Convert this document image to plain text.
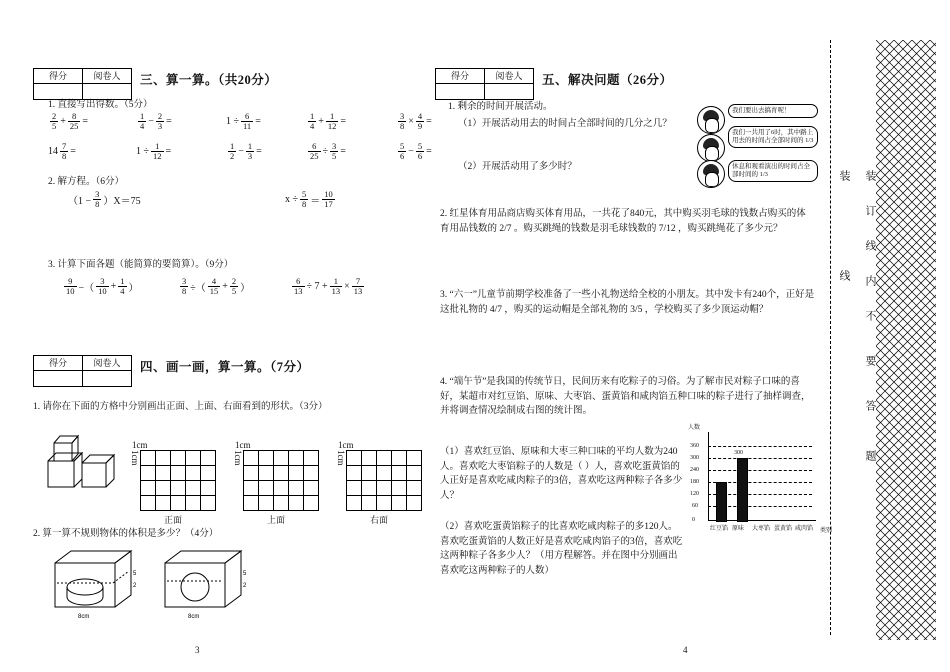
得分	阅卷人
	三、算一算。（共20分）
1. 直接写出得数。（5分）
$\frac{2}{5} + \frac{8}{25}$ =	$\frac{1}{4} - \frac{2}{3}$ =	$1 \div \frac{6}{11}$ =	$\frac{1}{4} + \frac{1}{12}$ =	$\frac{3}{8} \times \frac{4}{9}$ =
$14 \frac{7}{8}$ =	$1 \div \frac{1}{12}$ =	$\frac{1}{2} - \frac{1}{3}$ =	$\frac{6}{25} \div \frac{3}{5}$ =	$\frac{5}{6} - \frac{5}{6}$ =
2. 解方程。（6分）
$(1 - \frac{3}{8} )X=75$	$x \div \frac{5}{8} = \frac{10}{17}$
3. 计算下面各题（能简算的要简算）。（9分）
$\frac{9}{10}$ −（ $\frac{3}{10} + \frac{1}{4}$ ）	$\frac{3}{8}$ ÷（ $\frac{4}{15} + \frac{2}{5}$ ）	$\frac{6}{13} \div 7 + \frac{1}{13} \times \frac{7}{13}$
得分	阅卷人
	四、画一画，算一算。（7分）
1. 请你在下面的方格中分别画出正面、上面、右面看到的形状。（3分）
1cm
1cm

正面
1cm
1cm

上面
1cm
1cm

右面
2. 算一算不规则物体的体积是多少？（4分）
8cm	8cm
5
2
5
2
3
装
线
装
订
线
内
不
要
答
题
得分	阅卷人
	五、解决问题（26分）
1. 剩余的时间开展活动。
（1）开展活动用去的时间占全部时间的几分之几？
（2）开展活动用了多少时？
我们要出去搞育呢！
我们一共用了6时，其中路上用去的时间占全部时间的 1/3
休息和观看演出的时间占全部时间的 1/3
2. 红星体育用品商店购买体育用品，一共花了840元，其中购买羽毛球的钱数占购买的体育用品钱数的 2/7 。购买跳绳的钱数是羽毛球钱数的 7/12 ，购买跳绳花了多少元？
3. “六一”儿童节前期学校准备了一些小礼物送给全校的小朋友。其中发卡有240个，正好是这批礼物的 4/7 ，购买的运动帽是全部礼物的 3/5 ，学校购买了多少顶运动帽？
4. “端午节”是我国的传统节日，民间历来有吃粽子的习俗。为了解市民对粽子口味的喜好，某超市对红豆馅、原味、大枣馅、蛋黄馅和咸肉馅五种口味的粽子进行了抽样调查，并将调查情况绘制成右图的统计图。
（1）喜欢红豆馅、原味和大枣三种口味的平均人数为240人。喜欢吃大枣馅粽子的人数是（ ）人，喜欢吃蛋黄馅的人正好是喜欢吃咸肉粽子的3倍，喜欢吃这两种粽子各多少人？
（2）喜欢吃蛋黄馅粽子的比喜欢吃咸肉粽子的多120人。喜欢吃蛋黄馅的人数正好是喜欢吃咸肉馅子的3倍，喜欢吃这两种粽子各多少人？（用方程解答。并在图中分别画出喜欢吃这两种粽子的人数）
人数
类别
0
60
120
180
240
300
360
300
红豆馅 原味 大枣馅 蛋黄馅 咸肉馅
4
